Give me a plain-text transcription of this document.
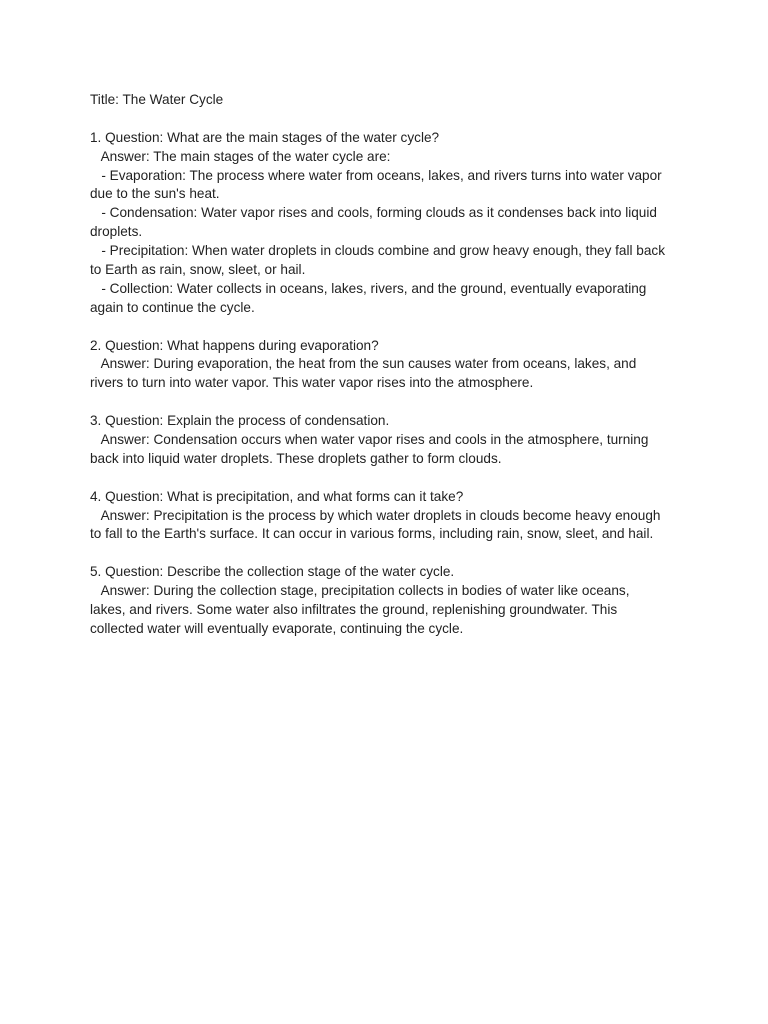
Title: The Water Cycle
1. Question: What are the main stages of the water cycle?
Answer: The main stages of the water cycle are:
- Evaporation: The process where water from oceans, lakes, and rivers turns into water vapor
due to the sun's heat.
- Condensation: Water vapor rises and cools, forming clouds as it condenses back into liquid
droplets.
- Precipitation: When water droplets in clouds combine and grow heavy enough, they fall back
to Earth as rain, snow, sleet, or hail.
- Collection: Water collects in oceans, lakes, rivers, and the ground, eventually evaporating
again to continue the cycle.
2. Question: What happens during evaporation?
Answer: During evaporation, the heat from the sun causes water from oceans, lakes, and
rivers to turn into water vapor. This water vapor rises into the atmosphere.
3. Question: Explain the process of condensation.
Answer: Condensation occurs when water vapor rises and cools in the atmosphere, turning
back into liquid water droplets. These droplets gather to form clouds.
4. Question: What is precipitation, and what forms can it take?
Answer: Precipitation is the process by which water droplets in clouds become heavy enough
to fall to the Earth's surface. It can occur in various forms, including rain, snow, sleet, and hail.
5. Question: Describe the collection stage of the water cycle.
Answer: During the collection stage, precipitation collects in bodies of water like oceans,
lakes, and rivers. Some water also infiltrates the ground, replenishing groundwater. This
collected water will eventually evaporate, continuing the cycle.
